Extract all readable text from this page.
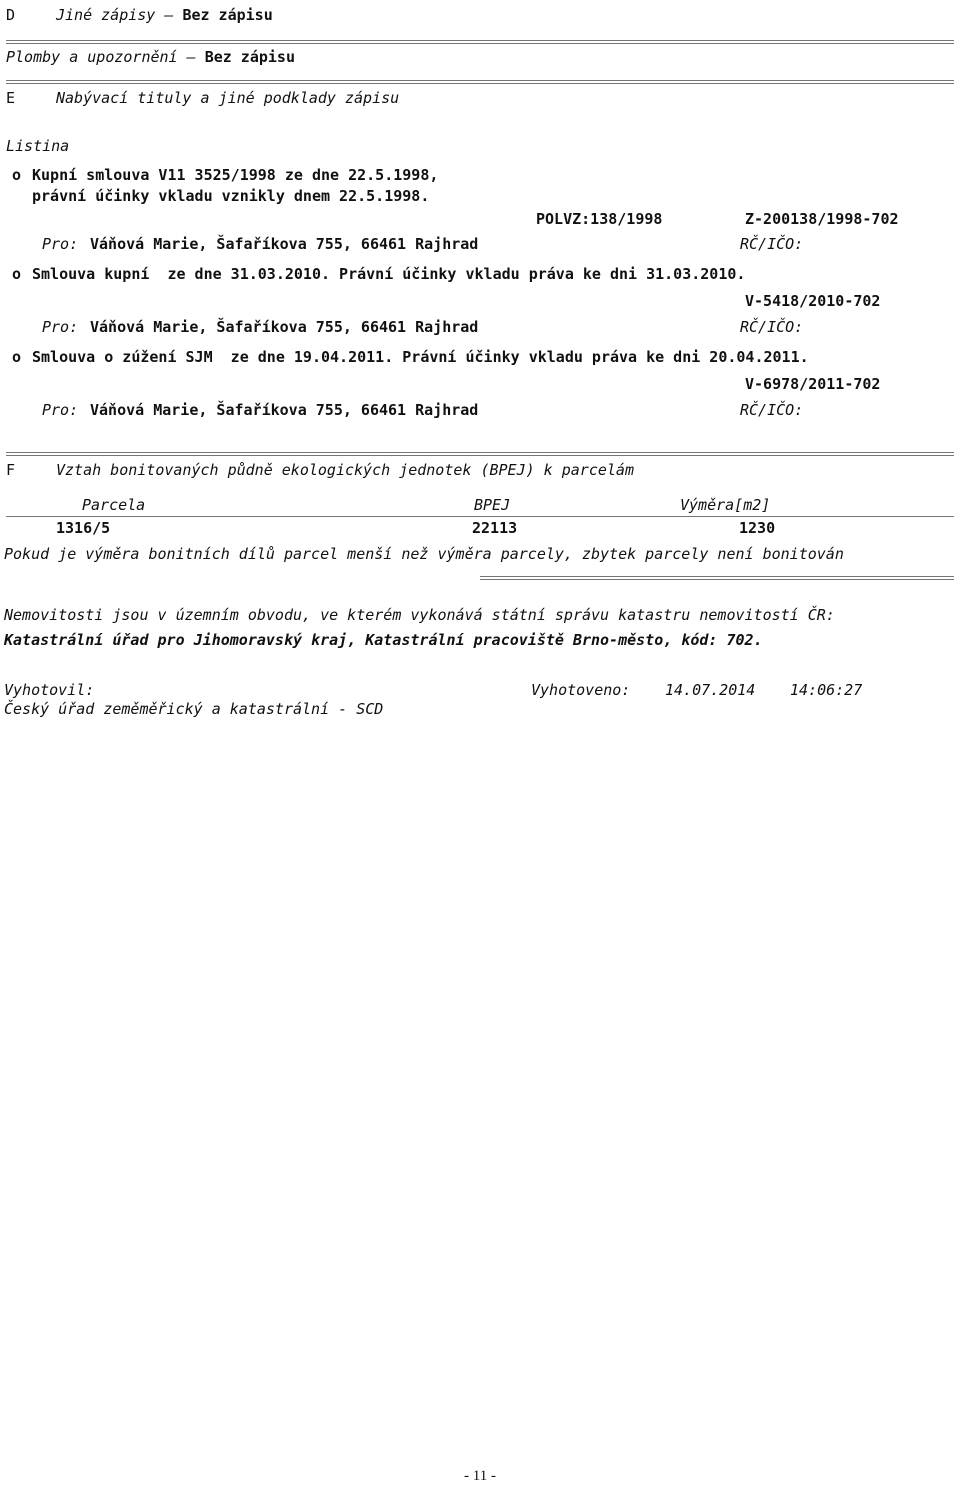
D	Jiné zápisy – Bez zápisu
Plomby a upozornění – Bez zápisu
E	Nabývací tituly a jiné podklady zápisu
Listina
o Kupní smlouva V11 3525/1998 ze dne 22.5.1998,
právní účinky vkladu vznikly dnem 22.5.1998.
POLVZ:138/1998	Z-200138/1998-702
Pro: Váňová Marie, Šafaříkova 755, 66461 Rajhrad	RČ/IČO:
o Smlouva kupní  ze dne 31.03.2010. Právní účinky vkladu práva ke dni 31.03.2010.
V-5418/2010-702
Pro: Váňová Marie, Šafaříkova 755, 66461 Rajhrad	RČ/IČO:
o Smlouva o zúžení SJM  ze dne 19.04.2011. Právní účinky vkladu práva ke dni 20.04.2011.
V-6978/2011-702
Pro: Váňová Marie, Šafaříkova 755, 66461 Rajhrad	RČ/IČO:
F	Vztah bonitovaných půdně ekologických jednotek (BPEJ) k parcelám
Parcela	BPEJ	Výměra[m2]
1316/5	22113	1230
Pokud je výměra bonitních dílů parcel menší než výměra parcely, zbytek parcely není bonitován
Nemovitosti jsou v územním obvodu, ve kterém vykonává státní správu katastru nemovitostí ČR:
Katastrální úřad pro Jihomoravský kraj, Katastrální pracoviště Brno-město, kód: 702.
Vyhotovil:
Český úřad zeměměřický a katastrální - SCD
Vyhotoveno: 14.07.2014 14:06:27
- 11 -
